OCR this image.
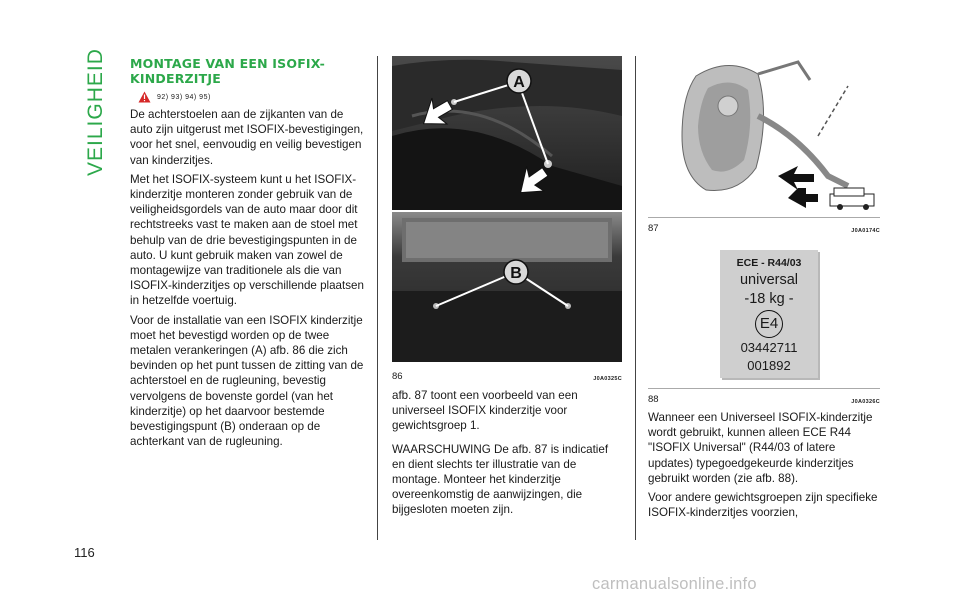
VEILIGHEID
116

MONTAGE VAN EEN ISOFIX-
KINDERZITJE

92) 93) 94) 95)

De achterstoelen aan de zijkanten van de auto zijn uitgerust met ISOFIX-bevestigingen, voor het snel, eenvoudig en veilig bevestigen van kinderzitjes.

Met het ISOFIX-systeem kunt u het ISOFIX-kinderzitje monteren zonder gebruik van de veiligheidsgordels van de auto maar door dit rechtstreeks vast te maken aan de stoel met behulp van de drie bevestigingspunten in de auto. U kunt gebruik maken van zowel de montagewijze van traditionele als die van ISOFIX-kinderzitjes op verschillende plaatsen in hetzelfde voertuig.

Voor de installatie van een ISOFIX kinderzitje moet het bevestigd worden op de twee metalen verankeringen (A) afb. 86 die zich bevinden op het punt tussen de zitting van de achterstoel en de rugleuning, bevestig vervolgens de bovenste gordel (van het kinderzitje) op het daarvoor bestemde bevestigingspunt (B) onderaan op de achterkant van de rugleuning.

A
B
86	J0A0325C

afb. 87 toont een voorbeeld van een universeel ISOFIX kinderzitje voor gewichtsgroep 1.

WAARSCHUWING De afb. 87 is indicatief en dient slechts ter illustratie van de montage. Monteer het kinderzitje overeenkomstig de aanwijzingen, die bijgesloten moeten zijn.

87	J0A0174C
ECE - R44/03
universal
-18 kg -
E4
03442711
001892
88	J0A0326C

Wanneer een Universeel ISOFIX-kinderzitje wordt gebruikt, kunnen alleen ECE R44 "ISOFIX Universal" (R44/03 of latere updates) typegoedgekeurde kinderzitjes gebruikt worden (zie afb. 88).

Voor andere gewichtsgroepen zijn specifieke ISOFIX-kinderzitjes voorzien,

carmanualsonline.info
